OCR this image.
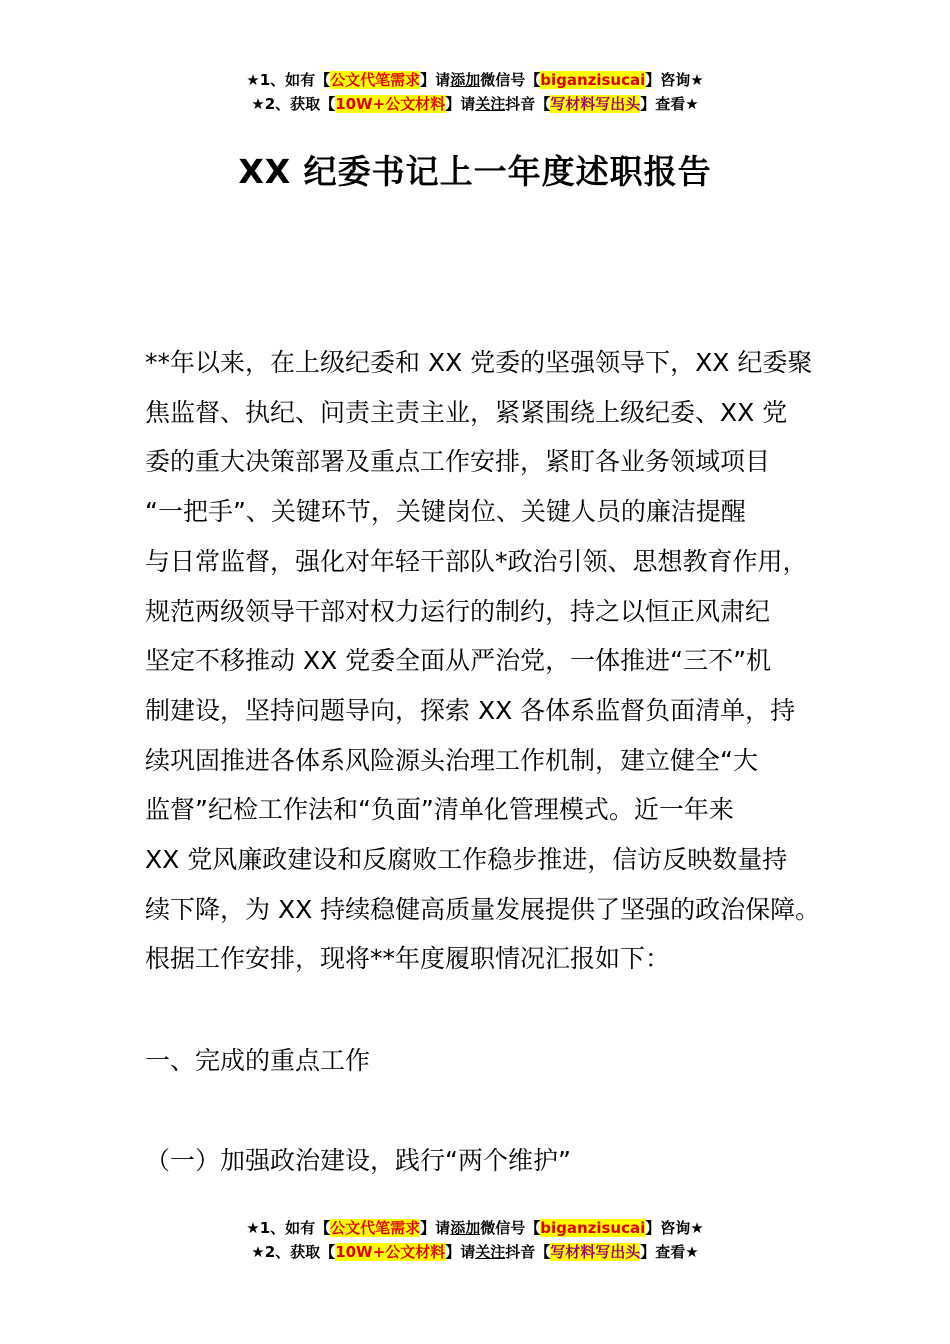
★1、如有【公文代笔需求】请添加微信号【biganzisucai】咨询★
★2、获取【10W+公文材料】请关注抖音【写材料写出头】查看★
XX 纪委书记上一年度述职报告
**年以来，在上级纪委和 XX 党委的坚强领导下，XX 纪委聚
焦监督、执纪、问责主责主业，紧紧围绕上级纪委、XX 党
委的重大决策部署及重点工作安排，紧盯各业务领域项目
“一把手”、关键环节，关键岗位、关键人员的廉洁提醒
与日常监督，强化对年轻干部队*政治引领、思想教育作用，
规范两级领导干部对权力运行的制约，持之以恒正风肃纪
坚定不移推动 XX 党委全面从严治党，一体推进“三不”机
制建设，坚持问题导向，探索 XX 各体系监督负面清单，持
续巩固推进各体系风险源头治理工作机制，建立健全“大
监督”纪检工作法和“负面”清单化管理模式。近一年来
XX 党风廉政建设和反腐败工作稳步推进，信访反映数量持
续下降，为 XX 持续稳健高质量发展提供了坚强的政治保障。
根据工作安排，现将**年度履职情况汇报如下：
一、完成的重点工作
（一）加强政治建设，践行“两个维护”
★1、如有【公文代笔需求】请添加微信号【biganzisucai】咨询★
★2、获取【10W+公文材料】请关注抖音【写材料写出头】查看★
